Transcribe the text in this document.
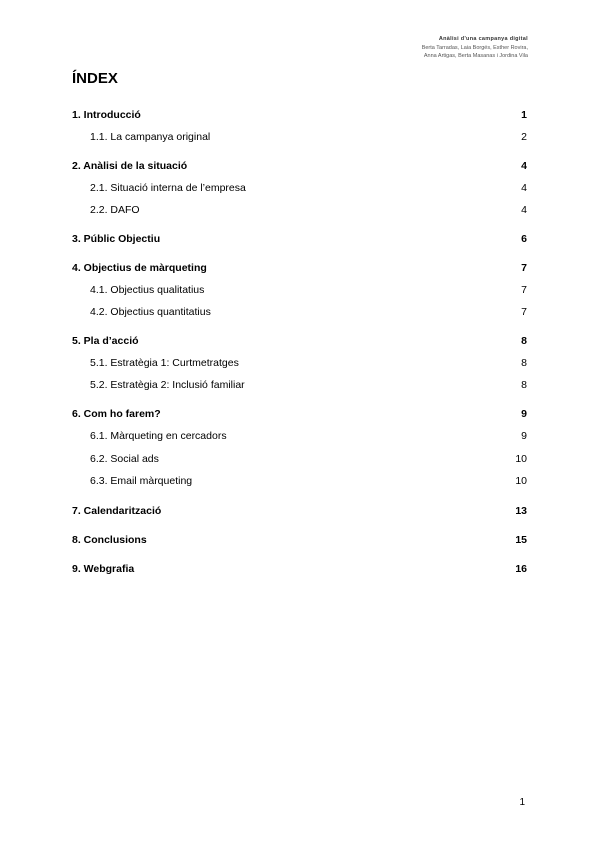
Anàlisi d'una campanya digital
Berta Tarradas, Laia Borgés, Esther Rovira,
Anna Artigas, Berta Masanas i Jordina Vila
ÍNDEX
1. Introducció	1
1.1. La campanya original	2
2. Anàlisi de la situació	4
2.1. Situació interna de l’empresa	4
2.2. DAFO	4
3. Públic Objectiu	6
4. Objectius de màrqueting	7
4.1. Objectius qualitatius	7
4.2. Objectius quantitatius	7
5. Pla d’acció	8
5.1. Estratègia 1: Curtmetratges	8
5.2. Estratègia 2: Inclusió familiar	8
6. Com ho farem?	9
6.1. Màrqueting en cercadors	9
6.2. Social ads	10
6.3. Email màrqueting	10
7. Calendarització	13
8. Conclusions	15
9. Webgrafia	16
1
